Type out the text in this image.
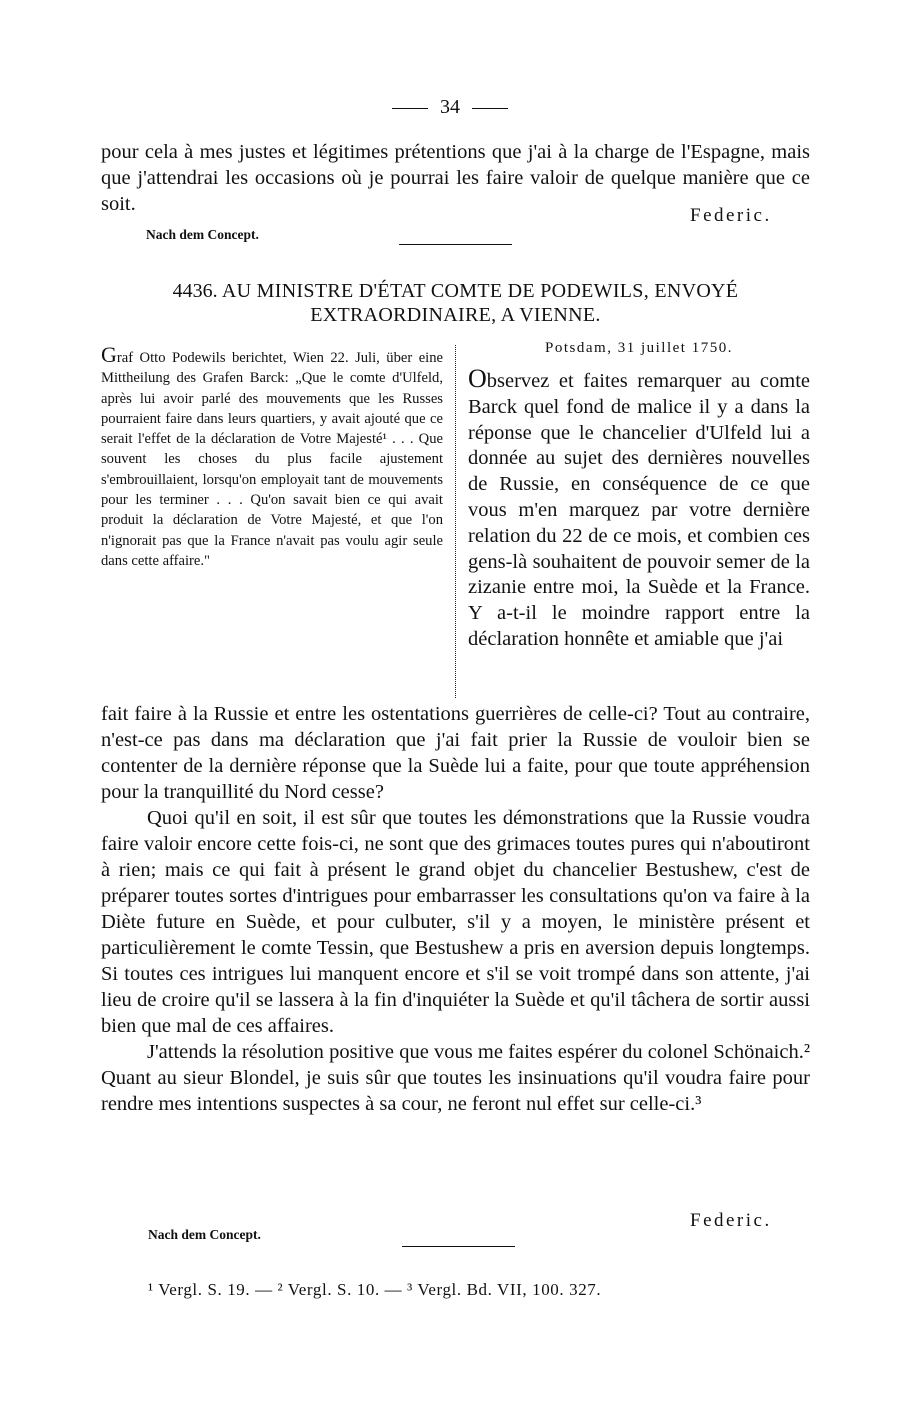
34

pour cela à mes justes et légitimes prétentions que j'ai à la charge de l'Espagne, mais que j'attendrai les occasions où je pourrai les faire valoir de quelque manière que ce soit.

Federic.
Nach dem Concept.
4436. AU MINISTRE D'ÉTAT COMTE DE PODEWILS, ENVOYÉ
EXTRAORDINAIRE, A VIENNE.
Graf Otto Podewils berichtet, Wien 22. Juli, über eine Mittheilung des Grafen Barck: „Que le comte d'Ulfeld, après lui avoir parlé des mouvements que les Russes pourraient faire dans leurs quartiers, y avait ajouté que ce serait l'effet de la déclaration de Votre Majesté¹ . . . Que souvent les choses du plus facile ajustement s'embrouillaient, lorsqu'on employait tant de mouvements pour les terminer . . . Qu'on savait bien ce qui avait produit la déclaration de Votre Majesté, et que l'on n'ignorait pas que la France n'avait pas voulu agir seule dans cette affaire."
Potsdam, 31 juillet 1750.
Observez et faites remarquer au comte Barck quel fond de malice il y a dans la réponse que le chancelier d'Ulfeld lui a donnée au sujet des dernières nouvelles de Russie, en conséquence de ce que vous m'en marquez par votre dernière relation du 22 de ce mois, et combien ces gens-là souhaitent de pouvoir semer de la zizanie entre moi, la Suède et la France. Y a-t-il le moindre rapport entre la déclaration honnête et amiable que j'ai

fait faire à la Russie et entre les ostentations guerrières de celle-ci? Tout au contraire, n'est-ce pas dans ma déclaration que j'ai fait prier la Russie de vouloir bien se contenter de la dernière réponse que la Suède lui a faite, pour que toute appréhension pour la tranquillité du Nord cesse?

Quoi qu'il en soit, il est sûr que toutes les démonstrations que la Russie voudra faire valoir encore cette fois-ci, ne sont que des grimaces toutes pures qui n'aboutiront à rien; mais ce qui fait à présent le grand objet du chancelier Bestushew, c'est de préparer toutes sortes d'intrigues pour embarrasser les consultations qu'on va faire à la Diète future en Suède, et pour culbuter, s'il y a moyen, le ministère présent et particulièrement le comte Tessin, que Bestushew a pris en aversion depuis longtemps. Si toutes ces intrigues lui manquent encore et s'il se voit trompé dans son attente, j'ai lieu de croire qu'il se lassera à la fin d'inquiéter la Suède et qu'il tâchera de sortir aussi bien que mal de ces affaires.

J'attends la résolution positive que vous me faites espérer du colonel Schönaich.² Quant au sieur Blondel, je suis sûr que toutes les insinuations qu'il voudra faire pour rendre mes intentions suspectes à sa cour, ne feront nul effet sur celle-ci.³

Federic.
Nach dem Concept.
¹ Vergl. S. 19. — ² Vergl. S. 10. — ³ Vergl. Bd. VII, 100. 327.
